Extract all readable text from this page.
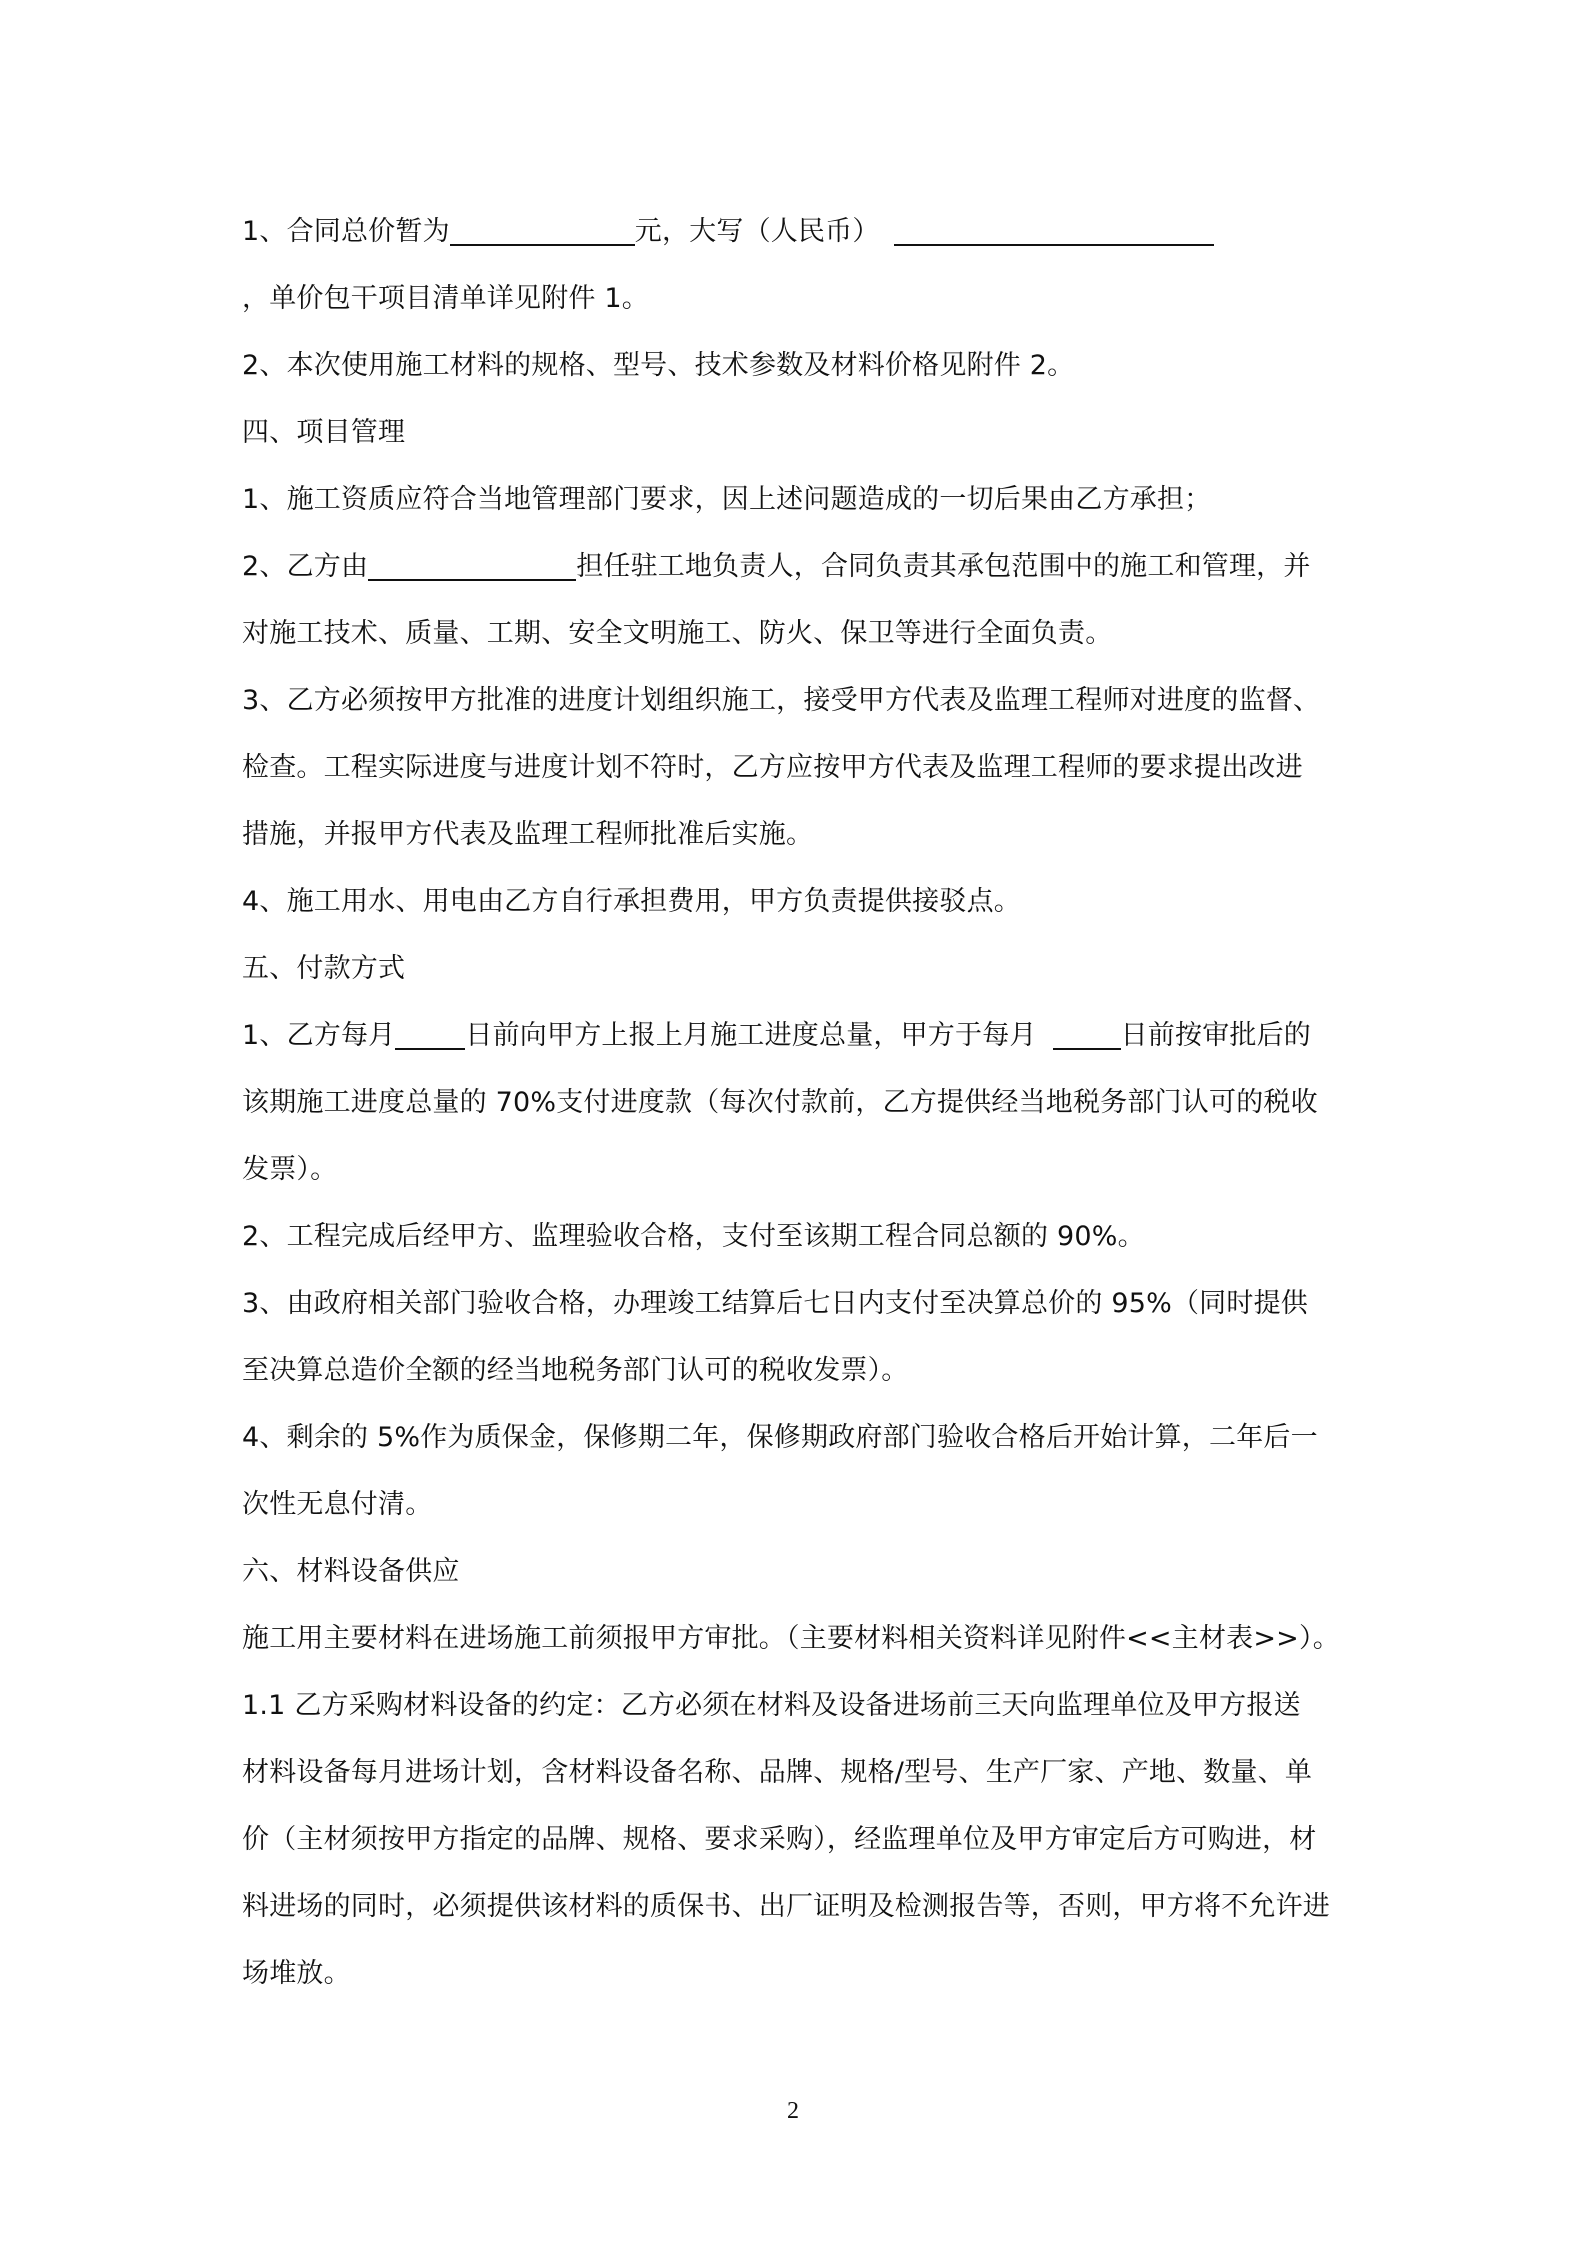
1、合同总价暂为	元，大写（人民币）
，单价包干项目清单详见附件 1。
2、本次使用施工材料的规格、型号、技术参数及材料价格见附件 2。
四、项目管理
1、施工资质应符合当地管理部门要求，因上述问题造成的一切后果由乙方承担；
2、乙方由	担任驻工地负责人，合同负责其承包范围中的施工和管理，并
对施工技术、质量、工期、安全文明施工、防火、保卫等进行全面负责。
3、乙方必须按甲方批准的进度计划组织施工，接受甲方代表及监理工程师对进度的监督、
检查。工程实际进度与进度计划不符时，乙方应按甲方代表及监理工程师的要求提出改进
措施，并报甲方代表及监理工程师批准后实施。
4、施工用水、用电由乙方自行承担费用，甲方负责提供接驳点。
五、付款方式
1、乙方每月	日前向甲方上报上月施工进度总量，甲方于每月	日前按审批后的
该期施工进度总量的 70%支付进度款（每次付款前，乙方提供经当地税务部门认可的税收
发票）。
2、工程完成后经甲方、监理验收合格，支付至该期工程合同总额的 90%。
3、由政府相关部门验收合格，办理竣工结算后七日内支付至决算总价的 95%（同时提供
至决算总造价全额的经当地税务部门认可的税收发票）。
4、剩余的 5%作为质保金，保修期二年，保修期政府部门验收合格后开始计算，二年后一
次性无息付清。
六、材料设备供应
施工用主要材料在进场施工前须报甲方审批。（主要材料相关资料详见附件<<主材表>>）。
1.1 乙方采购材料设备的约定：乙方必须在材料及设备进场前三天向监理单位及甲方报送
材料设备每月进场计划，含材料设备名称、品牌、规格/型号、生产厂家、产地、数量、单
价（主材须按甲方指定的品牌、规格、要求采购），经监理单位及甲方审定后方可购进，材
料进场的同时，必须提供该材料的质保书、出厂证明及检测报告等，否则，甲方将不允许进
场堆放。
2
